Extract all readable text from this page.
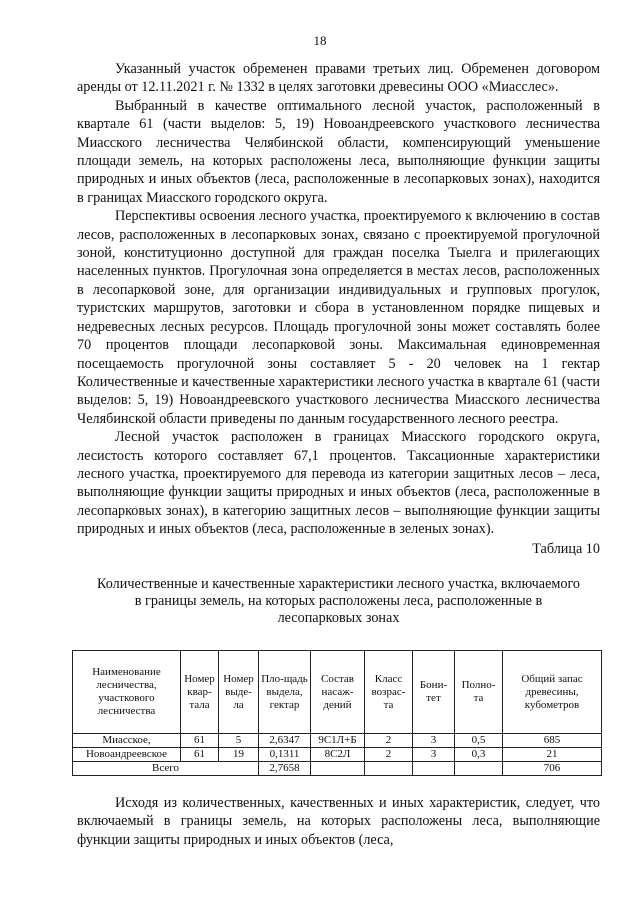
18

Указанный участок обременен правами третьих лиц. Обременен договором аренды от 12.11.2021 г. № 1332 в целях заготовки древесины ООО «Миасслес».

Выбранный в качестве оптимального лесной участок, расположенный в квартале 61 (части выделов: 5, 19) Новоандреевского участкового лесничества Миасского лесничества Челябинской области, компенсирующий уменьшение площади земель, на которых расположены леса, выполняющие функции защиты природных и иных объектов (леса, расположенные в лесопарковых зонах), находится в границах Миасского городского округа.

Перспективы освоения лесного участка, проектируемого к включению в состав лесов, расположенных в лесопарковых зонах, связано с проектируемой прогулочной зоной, конституционно доступной для граждан поселка Тыелга и прилегающих населенных пунктов. Прогулочная зона определяется в местах лесов, расположенных в лесопарковой зоне, для организации индивидуальных и групповых прогулок, туристских маршрутов, заготовки и сбора в установленном порядке пищевых и недревесных лесных ресурсов. Площадь прогулочной зоны может составлять более 70 процентов площади лесопарковой зоны. Максимальная единовременная посещаемость прогулочной зоны составляет 5 - 20 человек на 1 гектар Количественные и качественные характеристики лесного участка в квартале 61 (части выделов: 5, 19) Новоандреевского участкового лесничества Миасского лесничества Челябинской области приведены по данным государственного лесного реестра.

Лесной участок расположен в границах Миасского городского округа, лесистость которого составляет 67,1 процентов. Таксационные характеристики лесного участка, проектируемого для перевода из категории защитных лесов – леса, выполняющие функции защиты природных и иных объектов (леса, расположенные в лесопарковых зонах), в категорию защитных лесов – выполняющие функции защиты природных и иных объектов (леса, расположенные в зеленых зонах).

Таблица 10

Количественные и качественные характеристики лесного участка, включаемого в границы земель, на которых расположены леса, расположенные в лесопарковых зонах

Наименование лесничества, участкового лесничества	Номер квар-тала	Номер выде-ла	Пло-щадь выдела, гектар	Состав насаж-дений	Класс возрас-та	Бони-тет	Полно-та	Общий запас древесины, кубометров
Миасское,	61	5	2,6347	9С1Л+Б	2	3	0,5	685
Новоандреевское	61	19	0,1311	8С2Л	2	3	0,3	21
Всего			2,7658					706

Исходя из количественных, качественных и иных характеристик, следует, что включаемый в границы земель, на которых расположены леса, выполняющие функции защиты природных и иных объектов (леса,
